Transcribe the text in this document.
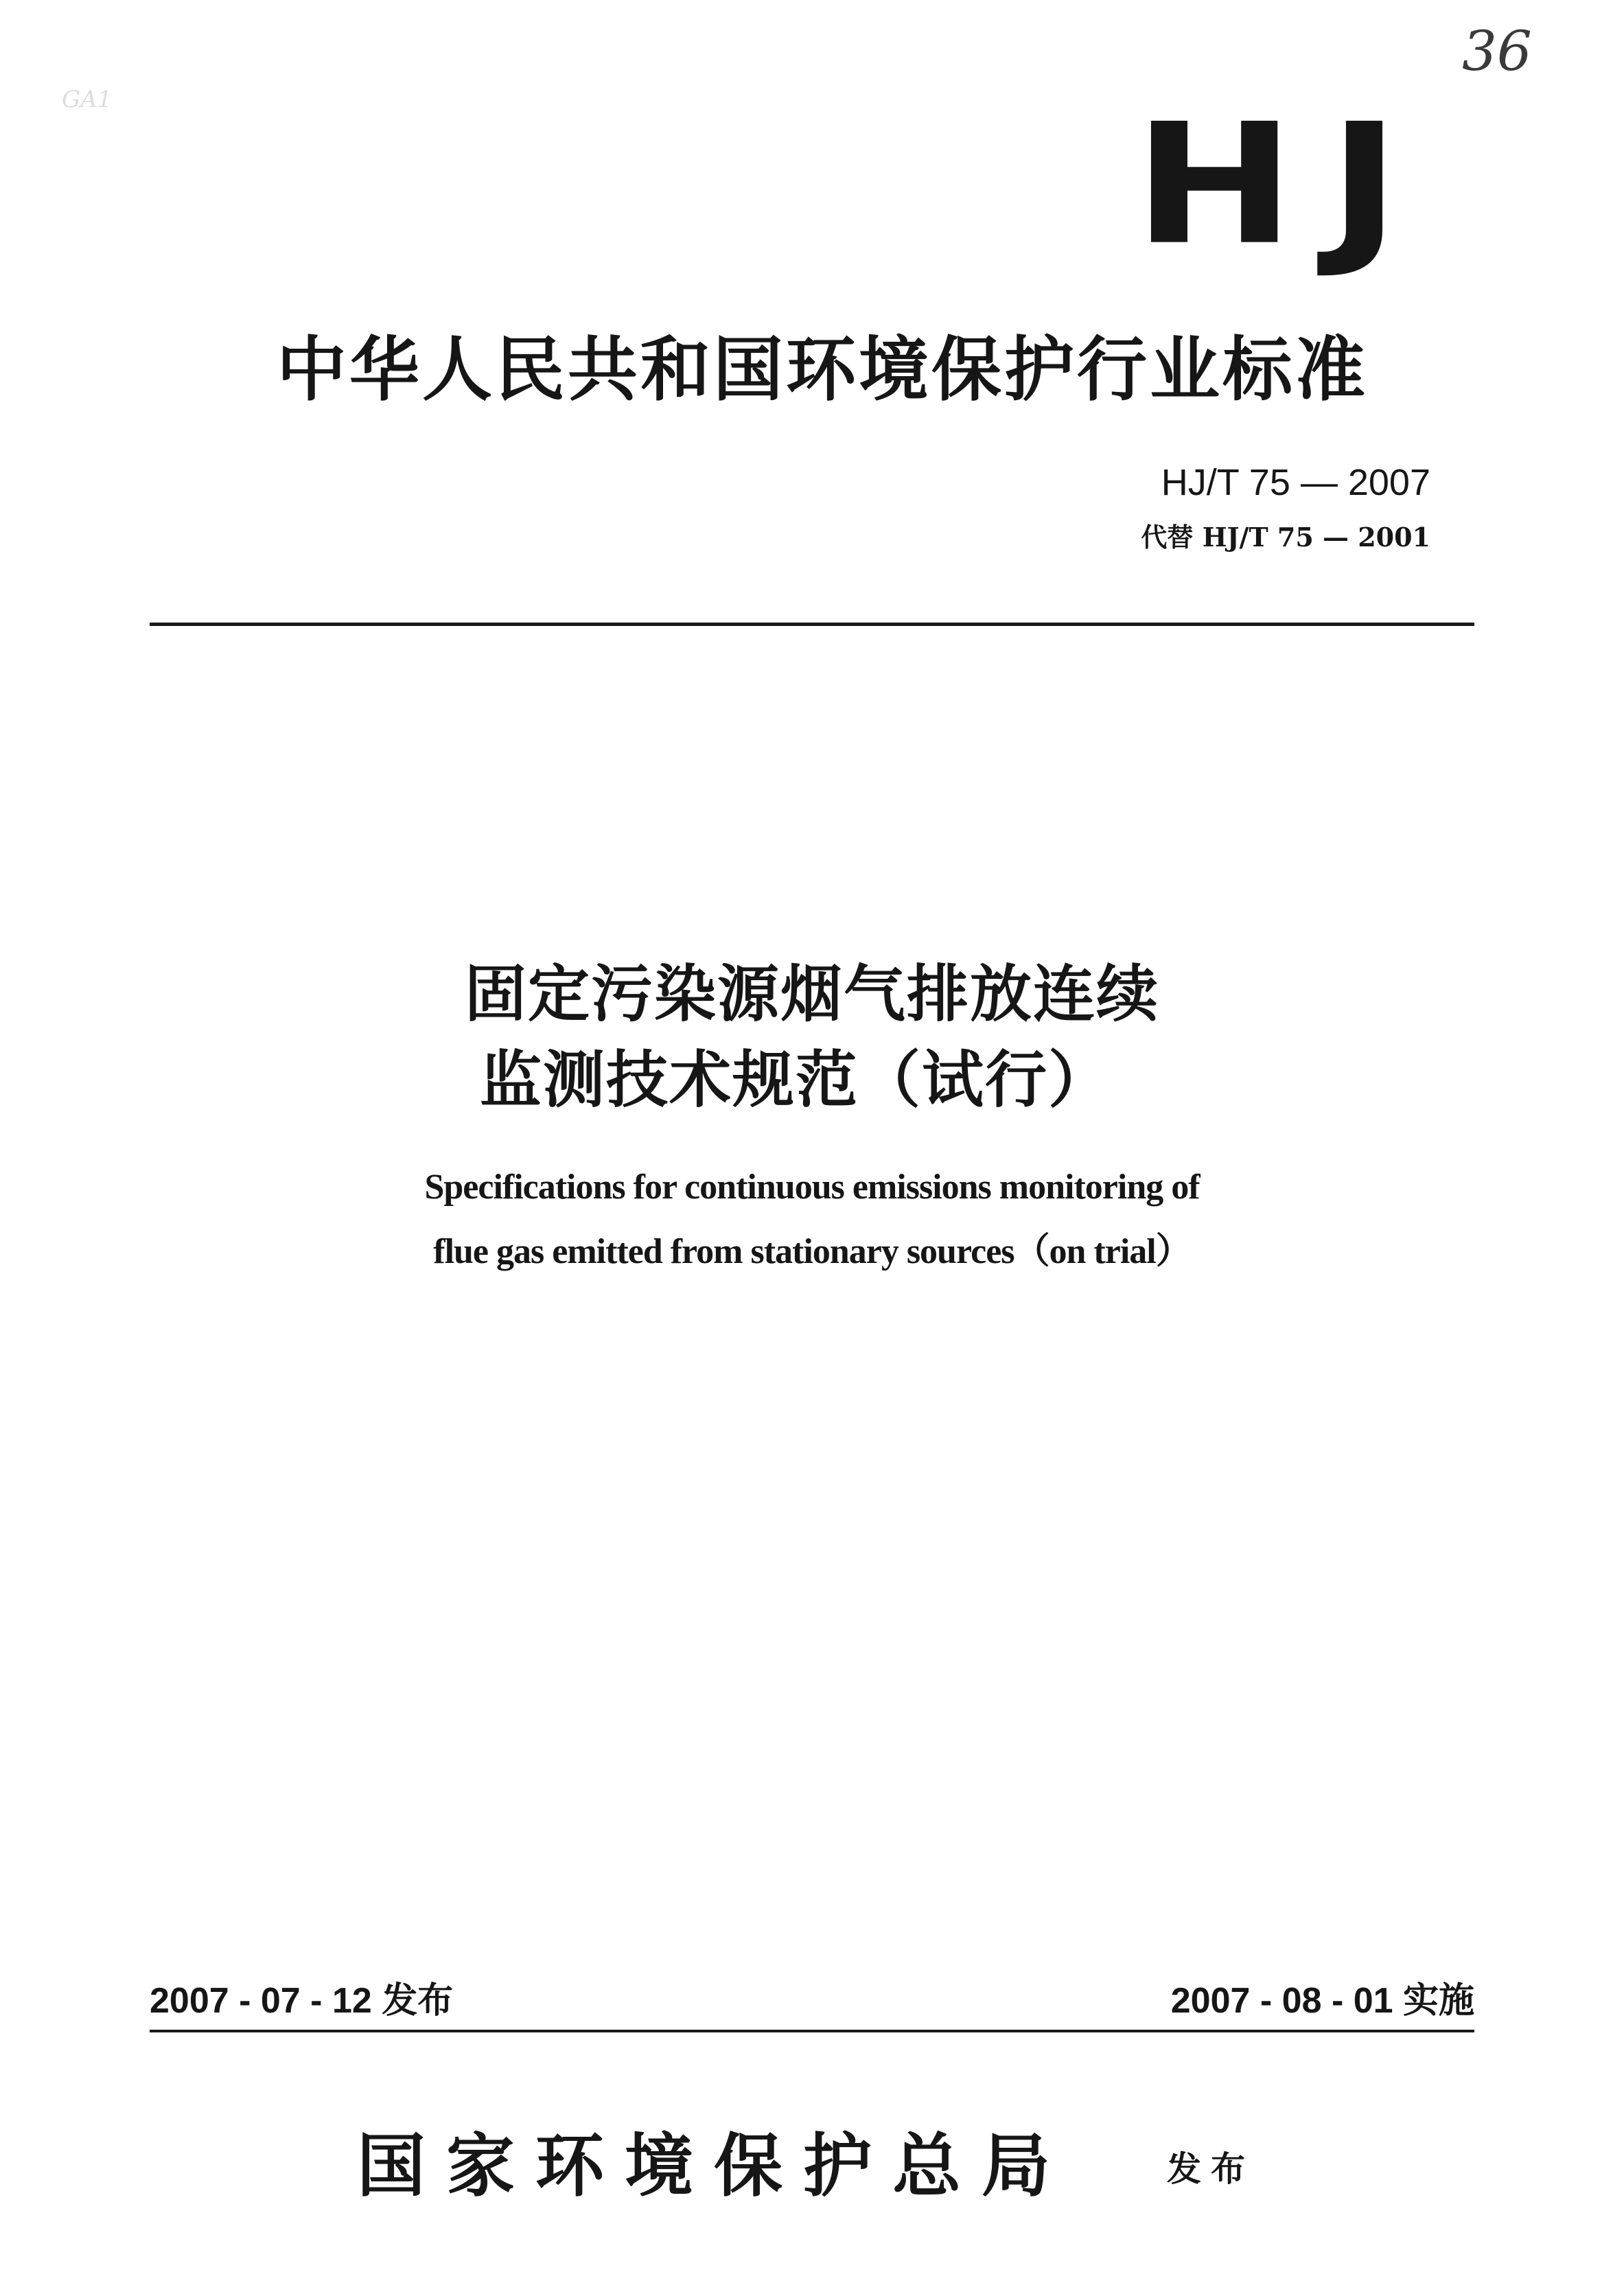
36
GA1	HJ
中华人民共和国环境保护行业标准
HJ/T 75 — 2007
代替 HJ/T 75 — 2001
固定污染源烟气排放连续
监测技术规范（试行）
Specifications for continuous emissions monitoring of
flue gas emitted from stationary sources（on trial）
2007 - 07 - 12 发布	2007 - 08 - 01 实施
国家环境保护总局	发布
